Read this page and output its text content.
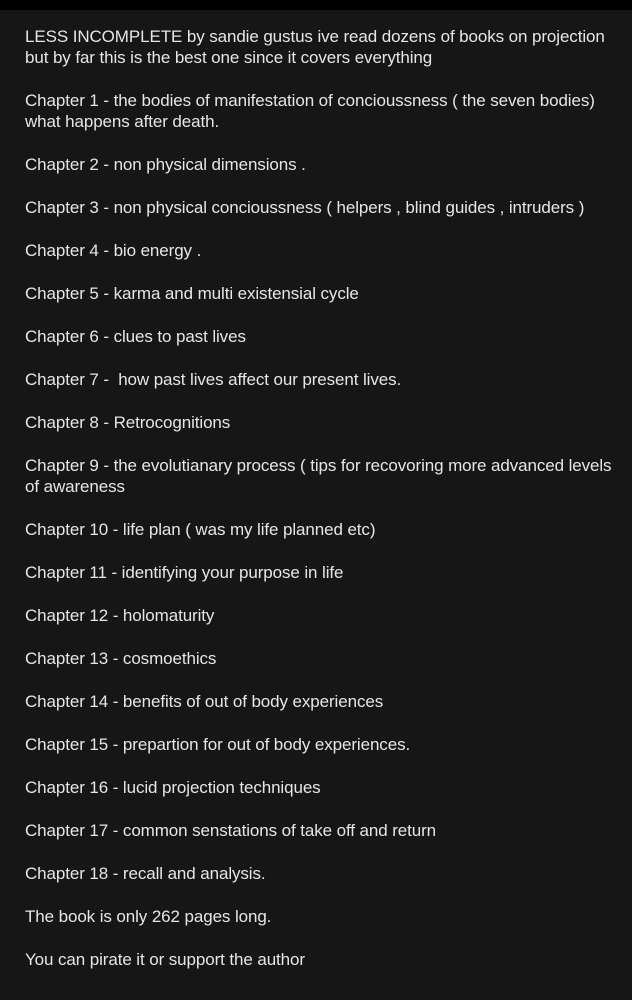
LESS INCOMPLETE by sandie gustus ive read dozens of books on projection but by far this is the best one since it covers everything

Chapter 1 - the bodies of manifestation of concioussness ( the seven bodies) what happens after death.

Chapter 2 - non physical dimensions .

Chapter 3 - non physical concioussness ( helpers , blind guides , intruders )

Chapter 4 - bio energy .

Chapter 5 - karma and multi existensial cycle

Chapter 6 - clues to past lives

Chapter 7 -  how past lives affect our present lives.

Chapter 8 - Retrocognitions

Chapter 9 - the evolutianary process ( tips for recovoring more advanced levels of awareness

Chapter 10 - life plan ( was my life planned etc)

Chapter 11 - identifying your purpose in life

Chapter 12 - holomaturity

Chapter 13 - cosmoethics

Chapter 14 - benefits of out of body experiences

Chapter 15 - prepartion for out of body experiences.

Chapter 16 - lucid projection techniques

Chapter 17 - common senstations of take off and return

Chapter 18 - recall and analysis.

The book is only 262 pages long.

You can pirate it or support the author
